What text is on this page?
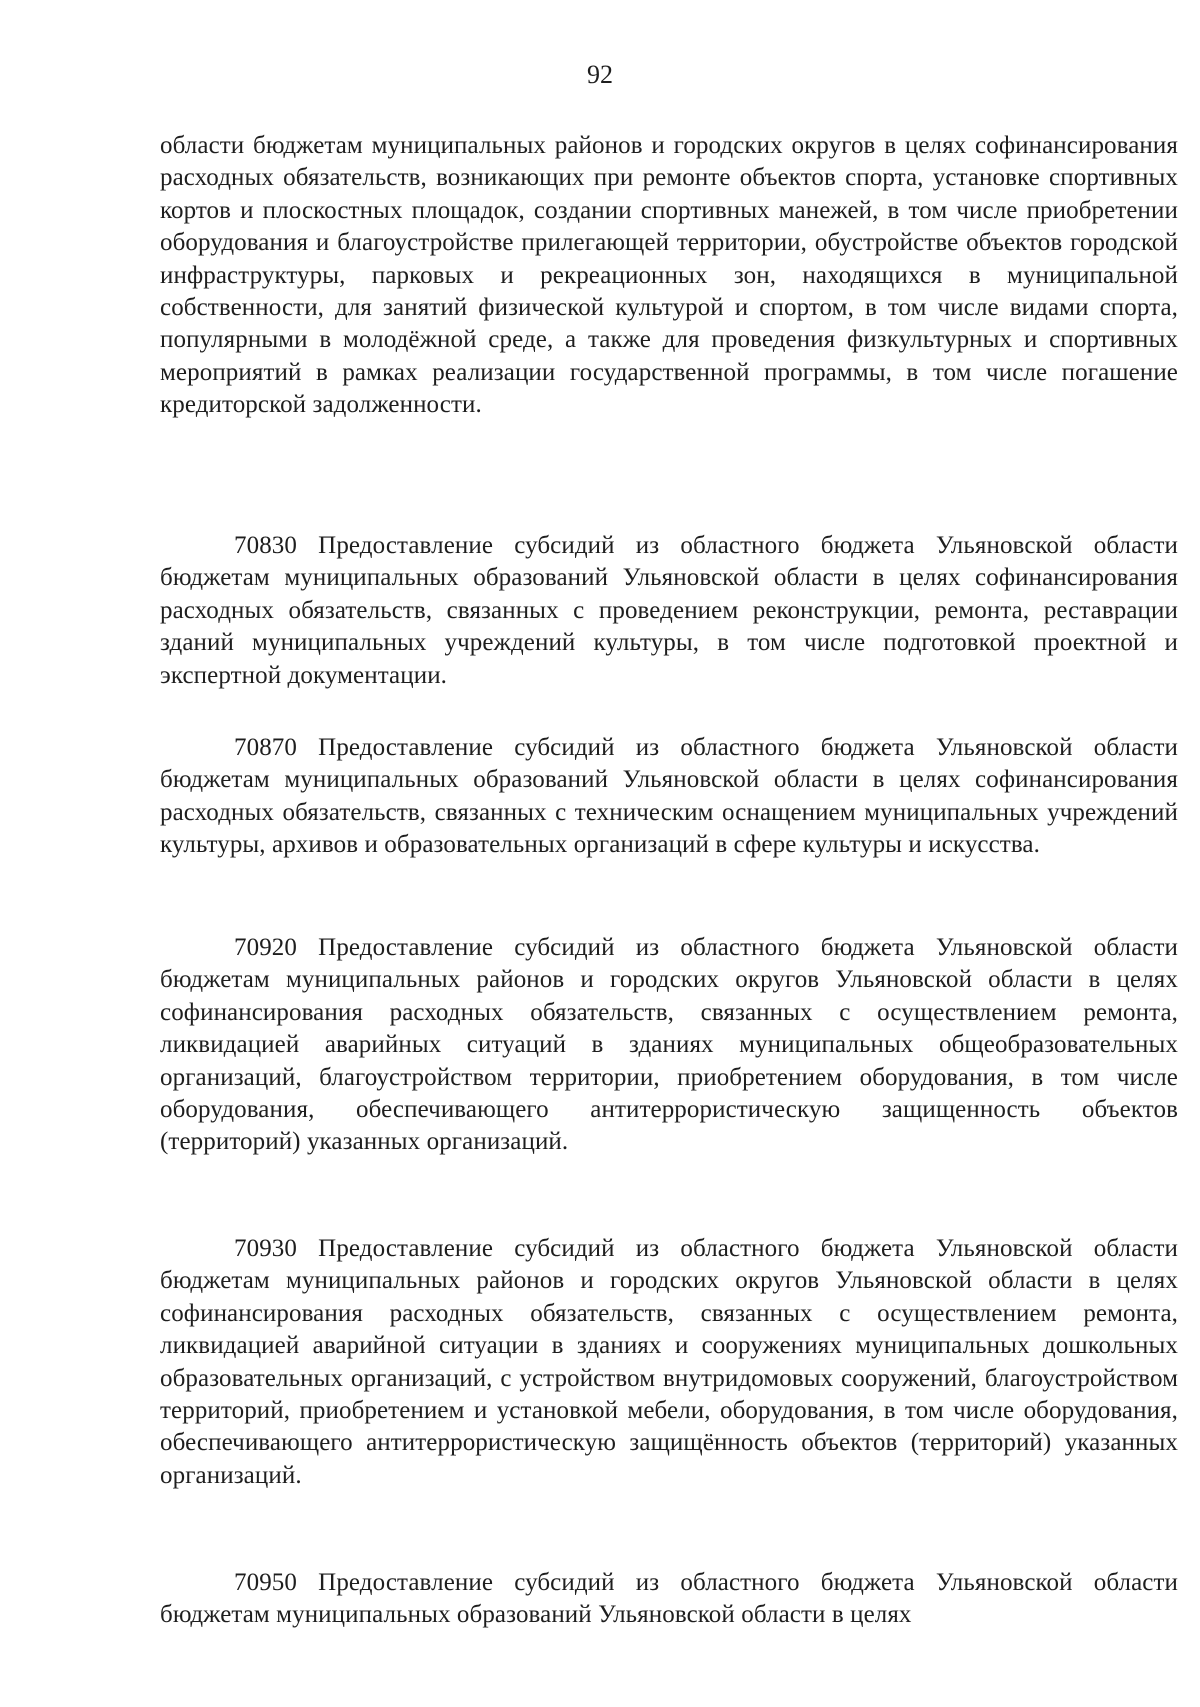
92

области бюджетам муниципальных районов и городских округов в целях софинансирования расходных обязательств, возникающих при ремонте объектов спорта, установке спортивных кортов и плоскостных площадок, создании спортивных манежей, в том числе приобретении оборудования и благоустройстве прилегающей территории, обустройстве объектов городской инфраструктуры, парковых и рекреационных зон, находящихся в муниципальной собственности, для занятий физической культурой и спортом, в том числе видами спорта, популярными в молодёжной среде, а также для проведения физкультурных и спортивных мероприятий в рамках реализации государственной программы, в том числе погашение кредиторской задолженности.

70830 Предоставление субсидий из областного бюджета Ульяновской области бюджетам муниципальных образований Ульяновской области в целях софинансирования расходных обязательств, связанных с проведением реконструкции, ремонта, реставрации зданий муниципальных учреждений культуры, в том числе подготовкой проектной и экспертной документации.

70870 Предоставление субсидий из областного бюджета Ульяновской области бюджетам муниципальных образований Ульяновской области в целях софинансирования расходных обязательств, связанных с техническим оснащением муниципальных учреждений культуры, архивов и образовательных организаций в сфере культуры и искусства.

70920 Предоставление субсидий из областного бюджета Ульяновской области бюджетам муниципальных районов и городских округов Ульяновской области в целях софинансирования расходных обязательств, связанных с осуществлением ремонта, ликвидацией аварийных ситуаций в зданиях муниципальных общеобразовательных организаций, благоустройством территории, приобретением оборудования, в том числе оборудования, обеспечивающего антитеррористическую защищенность объектов (территорий) указанных организаций.

70930 Предоставление субсидий из областного бюджета Ульяновской области бюджетам муниципальных районов и городских округов Ульяновской области в целях софинансирования расходных обязательств, связанных с осуществлением ремонта, ликвидацией аварийной ситуации в зданиях и сооружениях муниципальных дошкольных образовательных организаций, с устройством внутридомовых сооружений, благоустройством территорий, приобретением и установкой мебели, оборудования, в том числе оборудования, обеспечивающего антитеррористическую защищённость объектов (территорий) указанных организаций.

70950 Предоставление субсидий из областного бюджета Ульяновской области бюджетам муниципальных образований Ульяновской области в целях
